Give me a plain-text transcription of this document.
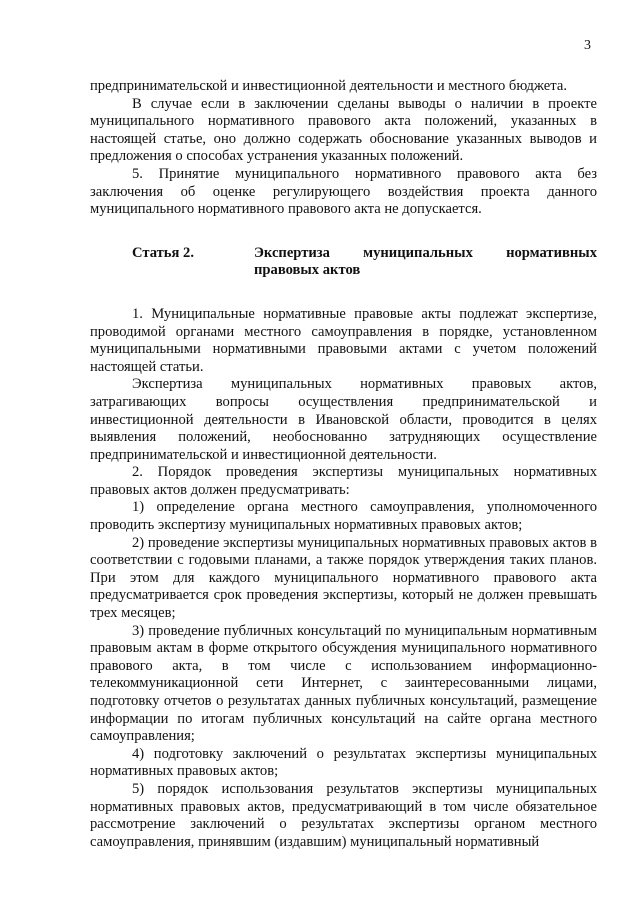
3

предпринимательской и инвестиционной деятельности и местного бюджета.

В случае если в заключении сделаны выводы о наличии в проекте муниципального нормативного правового акта положений, указанных в настоящей статье, оно должно содержать обоснование указанных выводов и предложения о способах устранения указанных положений.

5. Принятие муниципального нормативного правового акта без заключения об оценке регулирующего воздействия проекта данного муниципального нормативного правового акта не допускается.

Статья 2.	Экспертиза муниципальных нормативных
правовых актов

1. Муниципальные нормативные правовые акты подлежат экспертизе, проводимой органами местного самоуправления в порядке, установленном муниципальными нормативными правовыми актами с учетом положений настоящей статьи.

Экспертиза муниципальных нормативных правовых актов, затрагивающих вопросы осуществления предпринимательской и инвестиционной деятельности в Ивановской области, проводится в целях выявления положений, необоснованно затрудняющих осуществление предпринимательской и инвестиционной деятельности.

2. Порядок проведения экспертизы муниципальных нормативных правовых актов должен предусматривать:

1) определение органа местного самоуправления, уполномоченного проводить экспертизу муниципальных нормативных правовых актов;

2) проведение экспертизы муниципальных нормативных правовых актов в соответствии с годовыми планами, а также порядок утверждения таких планов. При этом для каждого муниципального нормативного правового акта предусматривается срок проведения экспертизы, который не должен превышать трех месяцев;

3) проведение публичных консультаций по муниципальным нормативным правовым актам в форме открытого обсуждения муниципального нормативного правового акта, в том числе с использованием информационно-телекоммуникационной сети Интернет, с заинтересованными лицами, подготовку отчетов о результатах данных публичных консультаций, размещение информации по итогам публичных консультаций на сайте органа местного самоуправления;

4) подготовку заключений о результатах экспертизы муниципальных нормативных правовых актов;

5) порядок использования результатов экспертизы муниципальных нормативных правовых актов, предусматривающий в том числе обязательное рассмотрение заключений о результатах экспертизы органом местного самоуправления, принявшим (издавшим) муниципальный нормативный
